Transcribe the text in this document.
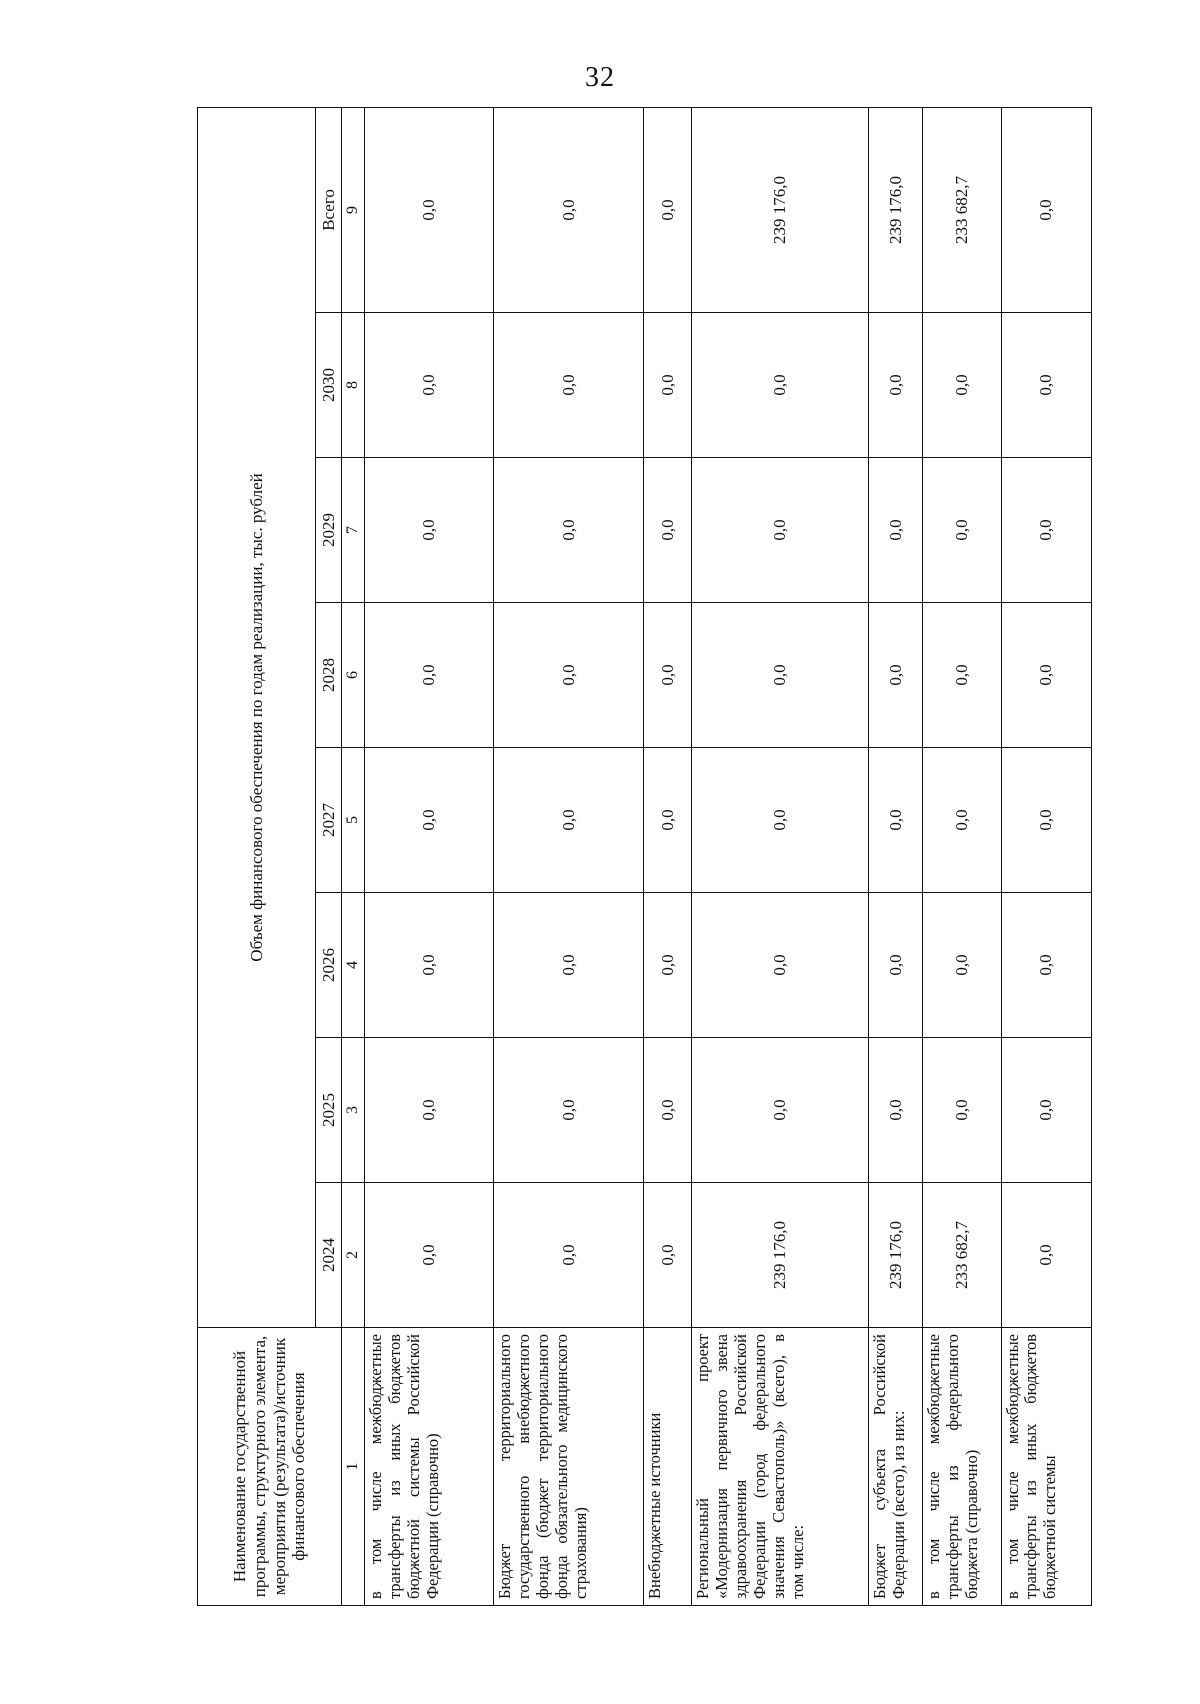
32
Наименование государственной программы, структурного элемента, мероприятия (результата)/источник финансового обеспечения	Объем финансового обеспечения по годам реализации, тыс. рублей							
	2024	2025	2026	2027	2028	2029	2030	Всего
1	2	3	4	5	6	7	8	9
в том числе межбюджетные трансферты из иных бюджетов бюджетной системы Российской Федерации (справочно)	0,0	0,0	0,0	0,0	0,0	0,0	0,0	0,0
Бюджет территориального государственного внебюджетного фонда (бюджет территориального фонда обязательного медицинского страхования)	0,0	0,0	0,0	0,0	0,0	0,0	0,0	0,0
Внебюджетные источники	0,0	0,0	0,0	0,0	0,0	0,0	0,0	0,0
Региональный проект «Модернизация первичного звена здравоохранения Российской Федерации (город федерального значения Севастополь)» (всего), в том числе:	239 176,0	0,0	0,0	0,0	0,0	0,0	0,0	239 176,0
Бюджет субъекта Российской Федерации (всего), из них:	239 176,0	0,0	0,0	0,0	0,0	0,0	0,0	239 176,0
в том числе межбюджетные трансферты из федерального бюджета (справочно)	233 682,7	0,0	0,0	0,0	0,0	0,0	0,0	233 682,7
в том числе межбюджетные трансферты из иных бюджетов бюджетной системы	0,0	0,0	0,0	0,0	0,0	0,0	0,0	0,0
